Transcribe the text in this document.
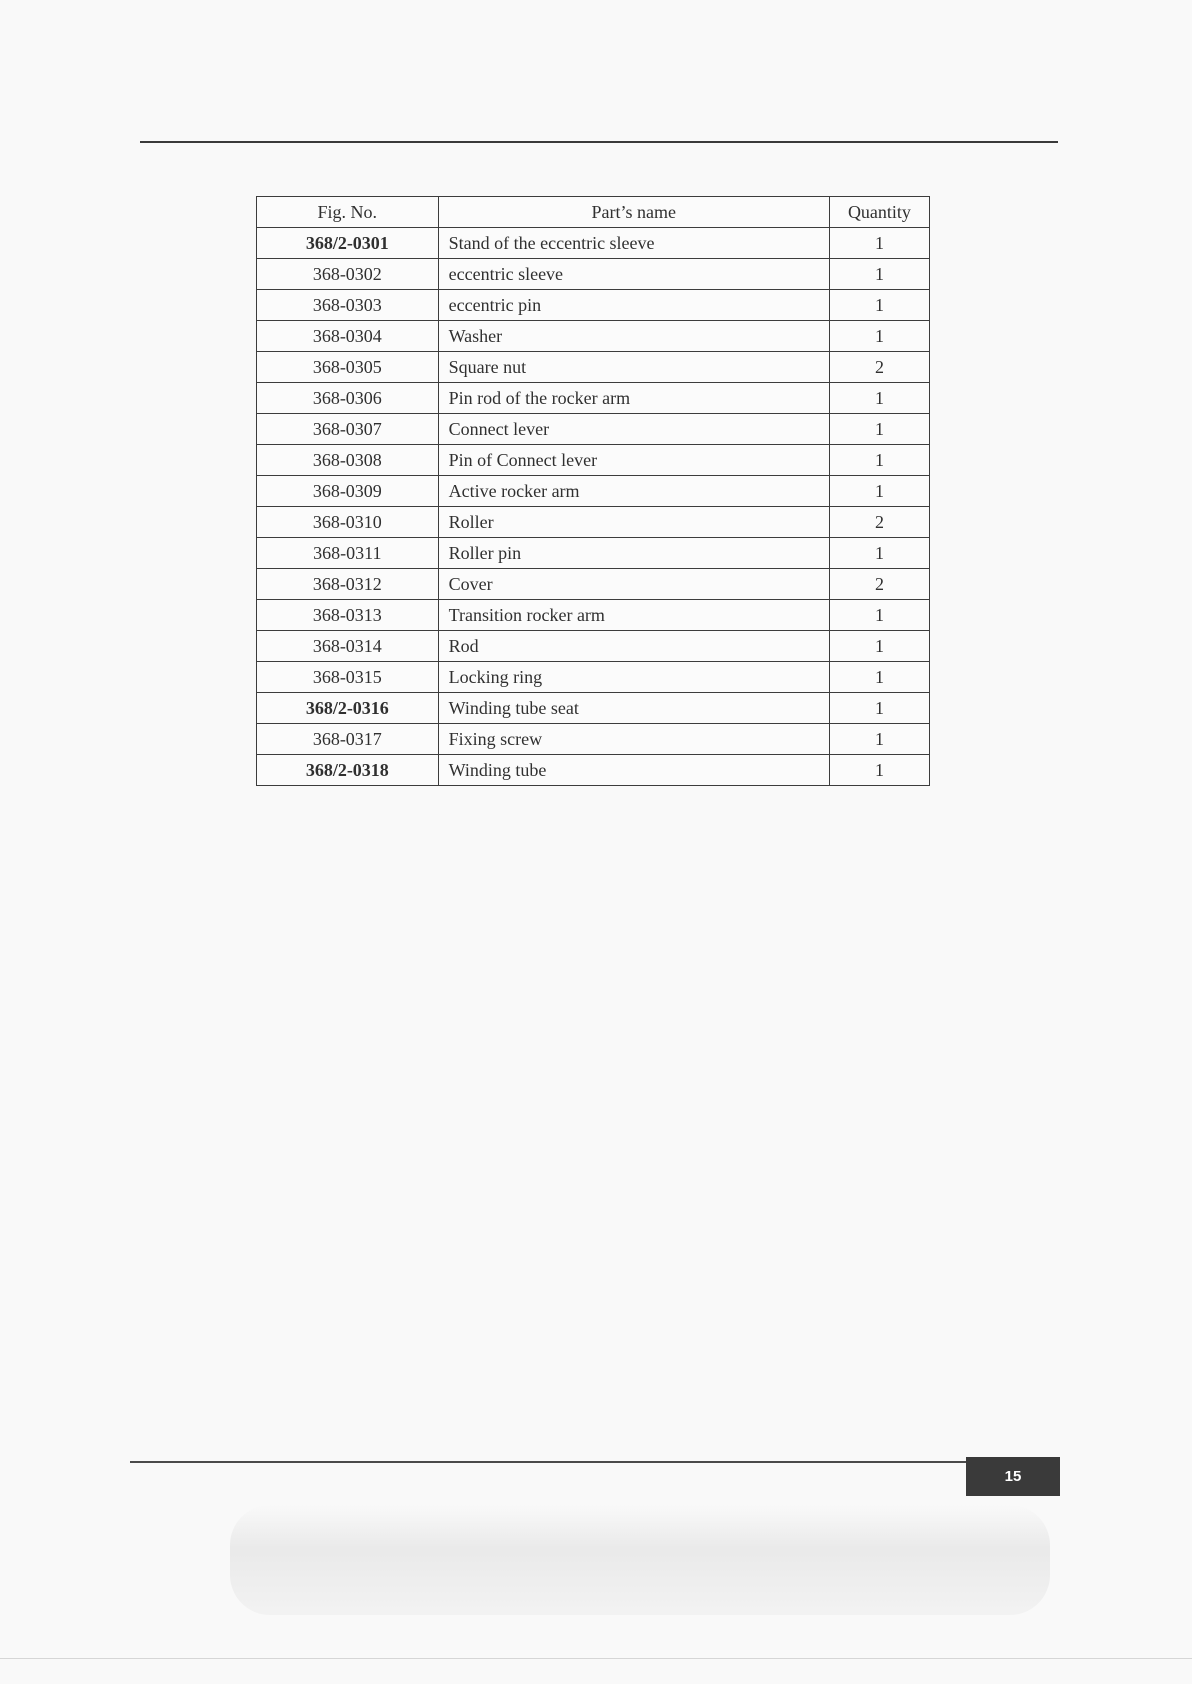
Fig. No.	Part’s name	Quantity
368/2-0301	Stand of the eccentric sleeve	1
368-0302	eccentric sleeve	1
368-0303	eccentric pin	1
368-0304	Washer	1
368-0305	Square nut	2
368-0306	Pin rod of the rocker arm	1
368-0307	Connect lever	1
368-0308	Pin of Connect lever	1
368-0309	Active rocker arm	1
368-0310	Roller	2
368-0311	Roller pin	1
368-0312	Cover	2
368-0313	Transition rocker arm	1
368-0314	Rod	1
368-0315	Locking ring	1
368/2-0316	Winding tube seat	1
368-0317	Fixing screw	1
368/2-0318	Winding tube	1
15
